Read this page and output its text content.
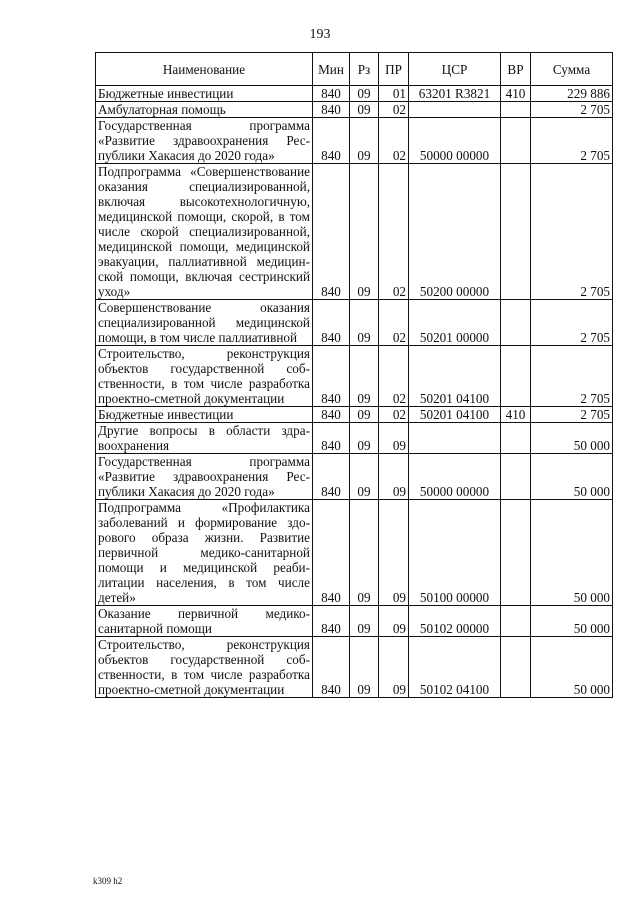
193
Наименование	Мин	Рз	ПР	ЦСР	ВР	Сумма
Бюджетные инвестиции	840	09	01	63201 R3821	410	229 886
Амбулаторная помощь	840	09	02			2 705
Государственная программа «Развитие здравоохранения Республики Хакасия до 2020 года»	840	09	02	50000 00000		2 705
Подпрограмма «Совершенствование оказания специализированной, включая высокотехнологичную, медицинской помощи, скорой, в том числе скорой специализированной, медицинской помощи, медицинской эвакуации, паллиативной медицинской помощи, включая сестринский уход»	840	09	02	50200 00000		2 705
Совершенствование оказания специализированной медицинской помощи, в том числе паллиативной	840	09	02	50201 00000		2 705
Строительство, реконструкция объектов государственной собственности, в том числе разработка проектно-сметной документации	840	09	02	50201 04100		2 705
Бюджетные инвестиции	840	09	02	50201 04100	410	2 705
Другие вопросы в области здравоохранения	840	09	09			50 000
Государственная программа «Развитие здравоохранения Республики Хакасия до 2020 года»	840	09	09	50000 00000		50 000
Подпрограмма «Профилактика заболеваний и формирование здорового образа жизни. Развитие первичной медико-санитарной помощи и медицинской реабилитации населения, в том числе детей»	840	09	09	50100 00000		50 000
Оказание первичной медико-санитарной помощи	840	09	09	50102 00000		50 000
Строительство, реконструкция объектов государственной собственности, в том числе разработка проектно-сметной документации	840	09	09	50102 04100		50 000
k309 h2
